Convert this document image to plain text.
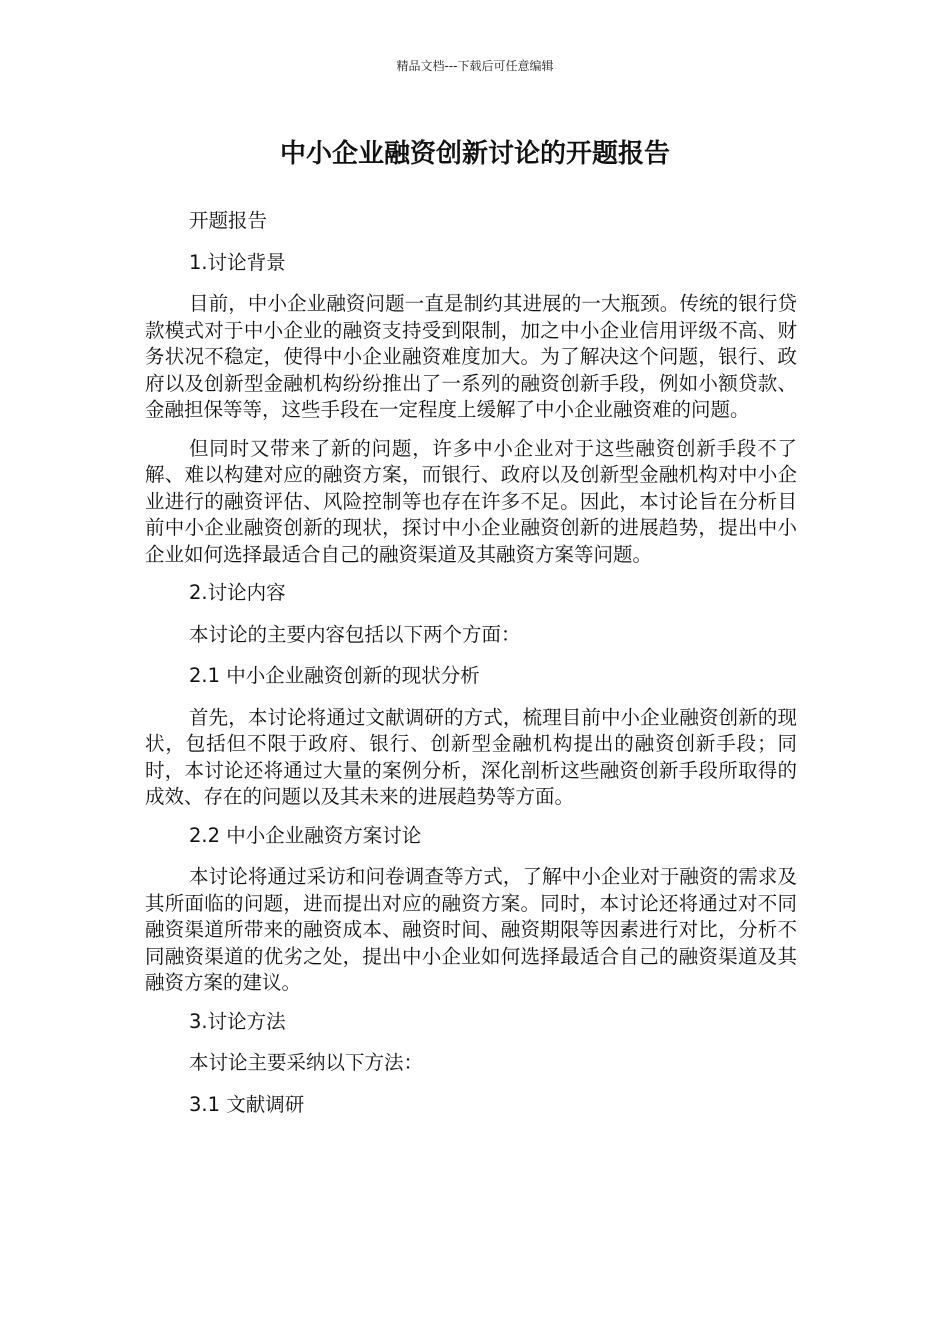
精品文档---下载后可任意编辑
中小企业融资创新讨论的开题报告

开题报告

1.讨论背景

目前，中小企业融资问题一直是制约其进展的一大瓶颈。传统的银行贷款模式对于中小企业的融资支持受到限制，加之中小企业信用评级不高、财务状况不稳定，使得中小企业融资难度加大。为了解决这个问题，银行、政府以及创新型金融机构纷纷推出了一系列的融资创新手段，例如小额贷款、金融担保等等，这些手段在一定程度上缓解了中小企业融资难的问题。

但同时又带来了新的问题，许多中小企业对于这些融资创新手段不了解、难以构建对应的融资方案，而银行、政府以及创新型金融机构对中小企业进行的融资评估、风险控制等也存在许多不足。因此，本讨论旨在分析目前中小企业融资创新的现状，探讨中小企业融资创新的进展趋势，提出中小企业如何选择最适合自己的融资渠道及其融资方案等问题。

2.讨论内容

本讨论的主要内容包括以下两个方面：

2.1 中小企业融资创新的现状分析

首先，本讨论将通过文献调研的方式，梳理目前中小企业融资创新的现状，包括但不限于政府、银行、创新型金融机构提出的融资创新手段；同时，本讨论还将通过大量的案例分析，深化剖析这些融资创新手段所取得的成效、存在的问题以及其未来的进展趋势等方面。

2.2 中小企业融资方案讨论

本讨论将通过采访和问卷调查等方式，了解中小企业对于融资的需求及其所面临的问题，进而提出对应的融资方案。同时，本讨论还将通过对不同融资渠道所带来的融资成本、融资时间、融资期限等因素进行对比，分析不同融资渠道的优劣之处，提出中小企业如何选择最适合自己的融资渠道及其融资方案的建议。

3.讨论方法

本讨论主要采纳以下方法：

3.1 文献调研
